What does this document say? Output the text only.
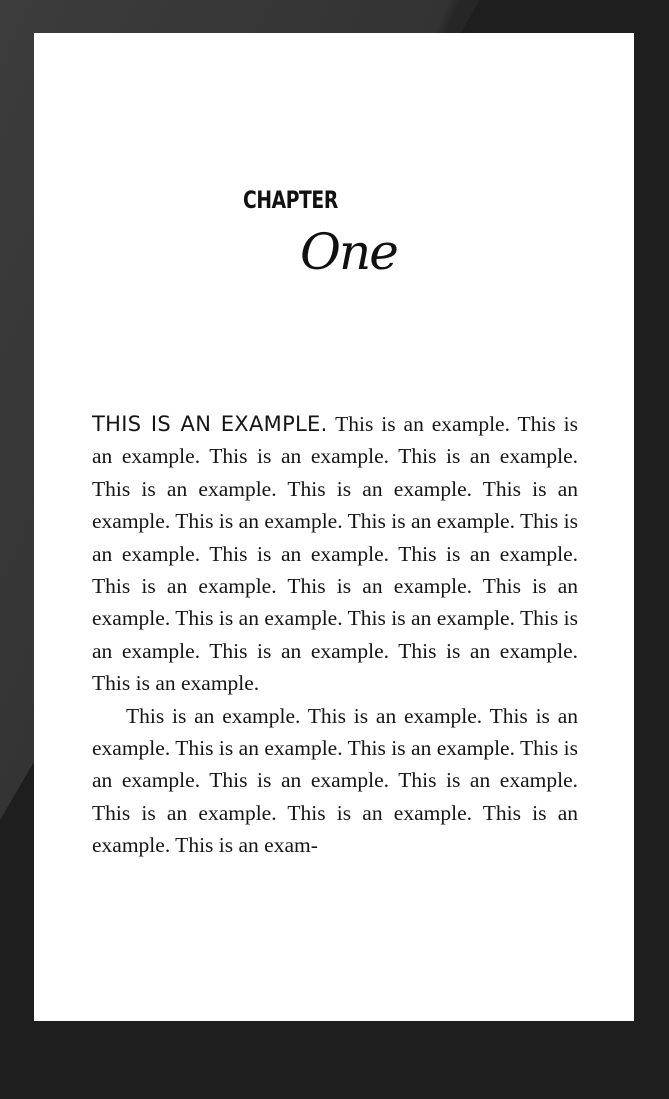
CHAPTER
One

THIS IS AN EXAMPLE. This is an example. This is an example. This is an example. This is an example. This is an example. This is an example. This is an example. This is an example. This is an example. This is an example. This is an example. This is an example. This is an example. This is an example. This is an example. This is an example. This is an example. This is an example. This is an example. This is an example. This is an example.

This is an example. This is an example. This is an example. This is an example. This is an example. This is an example. This is an example. This is an example. This is an example. This is an example. This is an example. This is an exam-
